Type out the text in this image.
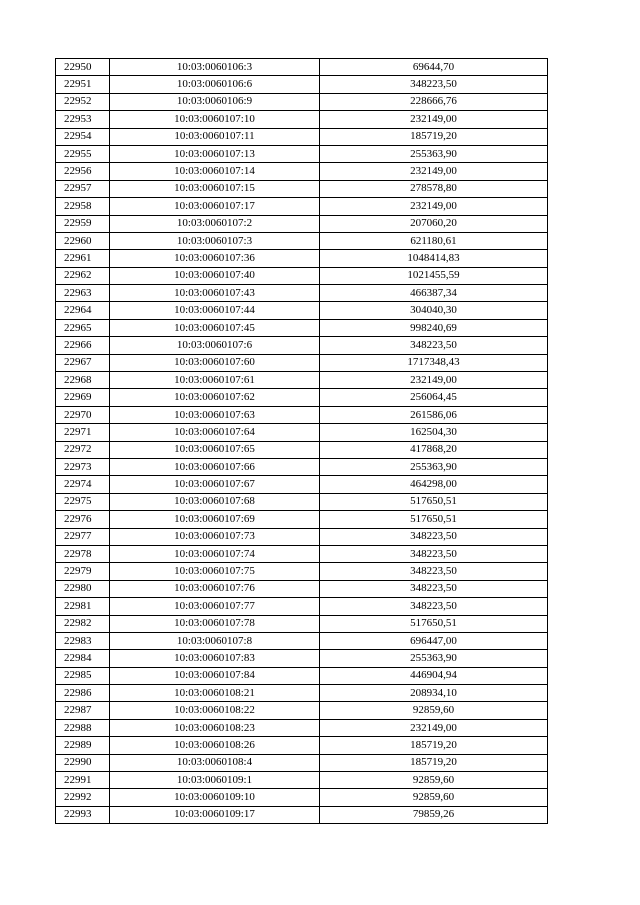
22950	10:03:0060106:3	69644,70
22951	10:03:0060106:6	348223,50
22952	10:03:0060106:9	228666,76
22953	10:03:0060107:10	232149,00
22954	10:03:0060107:11	185719,20
22955	10:03:0060107:13	255363,90
22956	10:03:0060107:14	232149,00
22957	10:03:0060107:15	278578,80
22958	10:03:0060107:17	232149,00
22959	10:03:0060107:2	207060,20
22960	10:03:0060107:3	621180,61
22961	10:03:0060107:36	1048414,83
22962	10:03:0060107:40	1021455,59
22963	10:03:0060107:43	466387,34
22964	10:03:0060107:44	304040,30
22965	10:03:0060107:45	998240,69
22966	10:03:0060107:6	348223,50
22967	10:03:0060107:60	1717348,43
22968	10:03:0060107:61	232149,00
22969	10:03:0060107:62	256064,45
22970	10:03:0060107:63	261586,06
22971	10:03:0060107:64	162504,30
22972	10:03:0060107:65	417868,20
22973	10:03:0060107:66	255363,90
22974	10:03:0060107:67	464298,00
22975	10:03:0060107:68	517650,51
22976	10:03:0060107:69	517650,51
22977	10:03:0060107:73	348223,50
22978	10:03:0060107:74	348223,50
22979	10:03:0060107:75	348223,50
22980	10:03:0060107:76	348223,50
22981	10:03:0060107:77	348223,50
22982	10:03:0060107:78	517650,51
22983	10:03:0060107:8	696447,00
22984	10:03:0060107:83	255363,90
22985	10:03:0060107:84	446904,94
22986	10:03:0060108:21	208934,10
22987	10:03:0060108:22	92859,60
22988	10:03:0060108:23	232149,00
22989	10:03:0060108:26	185719,20
22990	10:03:0060108:4	185719,20
22991	10:03:0060109:1	92859,60
22992	10:03:0060109:10	92859,60
22993	10:03:0060109:17	79859,26
